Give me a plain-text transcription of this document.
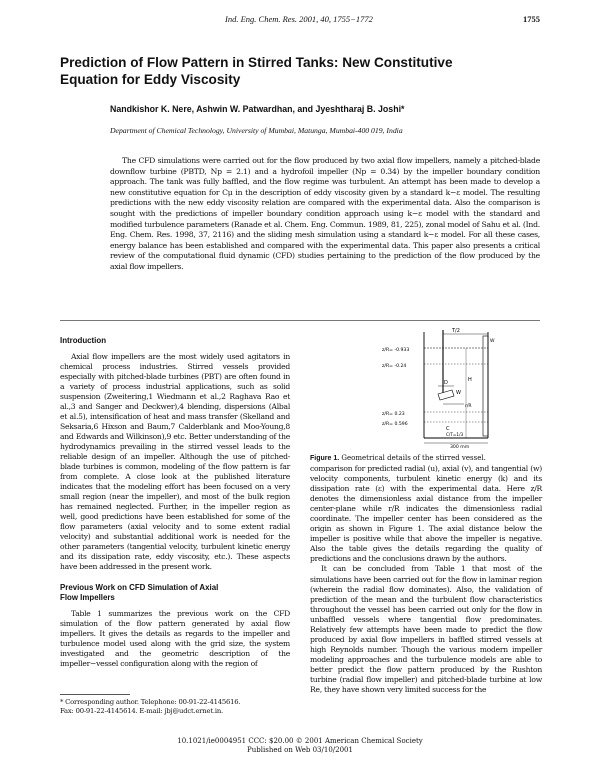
Ind. Eng. Chem. Res. 2001, 40, 1755−1772	1755
Prediction of Flow Pattern in Stirred Tanks: New Constitutive
Equation for Eddy Viscosity
Nandkishor K. Nere, Ashwin W. Patwardhan, and Jyeshtharaj B. Joshi*
Department of Chemical Technology, University of Mumbai, Matunga, Mumbai-400 019, India

The CFD simulations were carried out for the flow produced by two axial flow impellers, namely a pitched-blade downflow turbine (PBTD, Np = 2.1) and a hydrofoil impeller (Np = 0.34) by the impeller boundary condition approach. The tank was fully baffled, and the flow regime was turbulent. An attempt has been made to develop a new constitutive equation for Cμ in the description of eddy viscosity given by a standard k−ε model. The resulting predictions with the new eddy viscosity relation are compared with the experimental data. Also the comparison is sought with the predictions of impeller boundary condition approach using k−ε model with the standard and modified turbulence parameters (Ranade et al. Chem. Eng. Commun. 1989, 81, 225), zonal model of Sahu et al. (Ind. Eng. Chem. Res. 1998, 37, 2116) and the sliding mesh simulation using a standard k−ε model. For all these cases, energy balance has been established and compared with the experimental data. This paper also presents a critical review of the computational fluid dynamic (CFD) studies pertaining to the prediction of the flow produced by the axial flow impellers.

Introduction

Axial flow impellers are the most widely used agitators in chemical process industries. Stirred vessels provided especially with pitched-blade turbines (PBT) are often found in a variety of process industrial applications, such as solid suspension (Zweitering,1 Wiedmann et al.,2 Raghava Rao et al.,3 and Sanger and Deckwer),4 blending, dispersions (Albal et al.5), intensification of heat and mass transfer (Skelland and Seksaria,6 Hixson and Baum,7 Calderblank and Moo-Young,8 and Edwards and Wilkinson),9 etc. Better understanding of the hydrodynamics prevailing in the stirred vessel leads to the reliable design of an impeller. Although the use of pitched-blade turbines is common, modeling of the flow pattern is far from complete. A close look at the published literature indicates that the modeling effort has been focused on a very small region (near the impeller), and most of the bulk region has remained neglected. Further, in the impeller region as well, good predictions have been established for some of the flow parameters (axial velocity and to some extent radial velocity) and substantial additional work is needed for the other parameters (tangential velocity, turbulent kinetic energy and its dissipation rate, eddy viscosity, etc.). These aspects have been addressed in the present work.

Previous Work on CFD Simulation of Axial
Flow Impellers

Table 1 summarizes the previous work on the CFD simulation of the flow pattern generated by axial flow impellers. It gives the details as regards to the impeller and turbulence model used along with the grid size, the system investigated and the geometric description of the impeller−vessel configuration along with the region of

T/2
z/R= -0.933
z/R= -0.24
z/R= 0.23
z/R= 0.596
D
W
C
H
r/R
W
C/T=1/3
300 mm
Figure 1. Geometrical details of the stirred vessel.

comparison for predicted radial (u), axial (v), and tangential (w) velocity components, turbulent kinetic energy (k) and its dissipation rate (ε) with the experimental data. Here z/R denotes the dimensionless axial distance from the impeller center-plane while r/R indicates the dimensionless radial coordinate. The impeller center has been considered as the origin as shown in Figure 1. The axial distance below the impeller is positive while that above the impeller is negative. Also the table gives the details regarding the quality of predictions and the conclusions drawn by the authors.

It can be concluded from Table 1 that most of the simulations have been carried out for the flow in laminar region (wherein the radial flow dominates). Also, the validation of prediction of the mean and the turbulent flow characteristics throughout the vessel has been carried out only for the flow in unbaffled vessels where tangential flow predominates. Relatively few attempts have been made to predict the flow produced by axial flow impellers in baffled stirred vessels at high Reynolds number. Though the various modern impeller modeling approaches and the turbulence models are able to better predict the flow pattern produced by the Rushton turbine (radial flow impeller) and pitched-blade turbine at low Re, they have shown very limited success for the

* Corresponding author. Telephone: 00-91-22-4145616.
Fax: 00-91-22-4145614. E-mail: jbj@udct.ernet.in.
10.1021/ie0004951 CCC: $20.00 © 2001 American Chemical Society
Published on Web 03/10/2001
